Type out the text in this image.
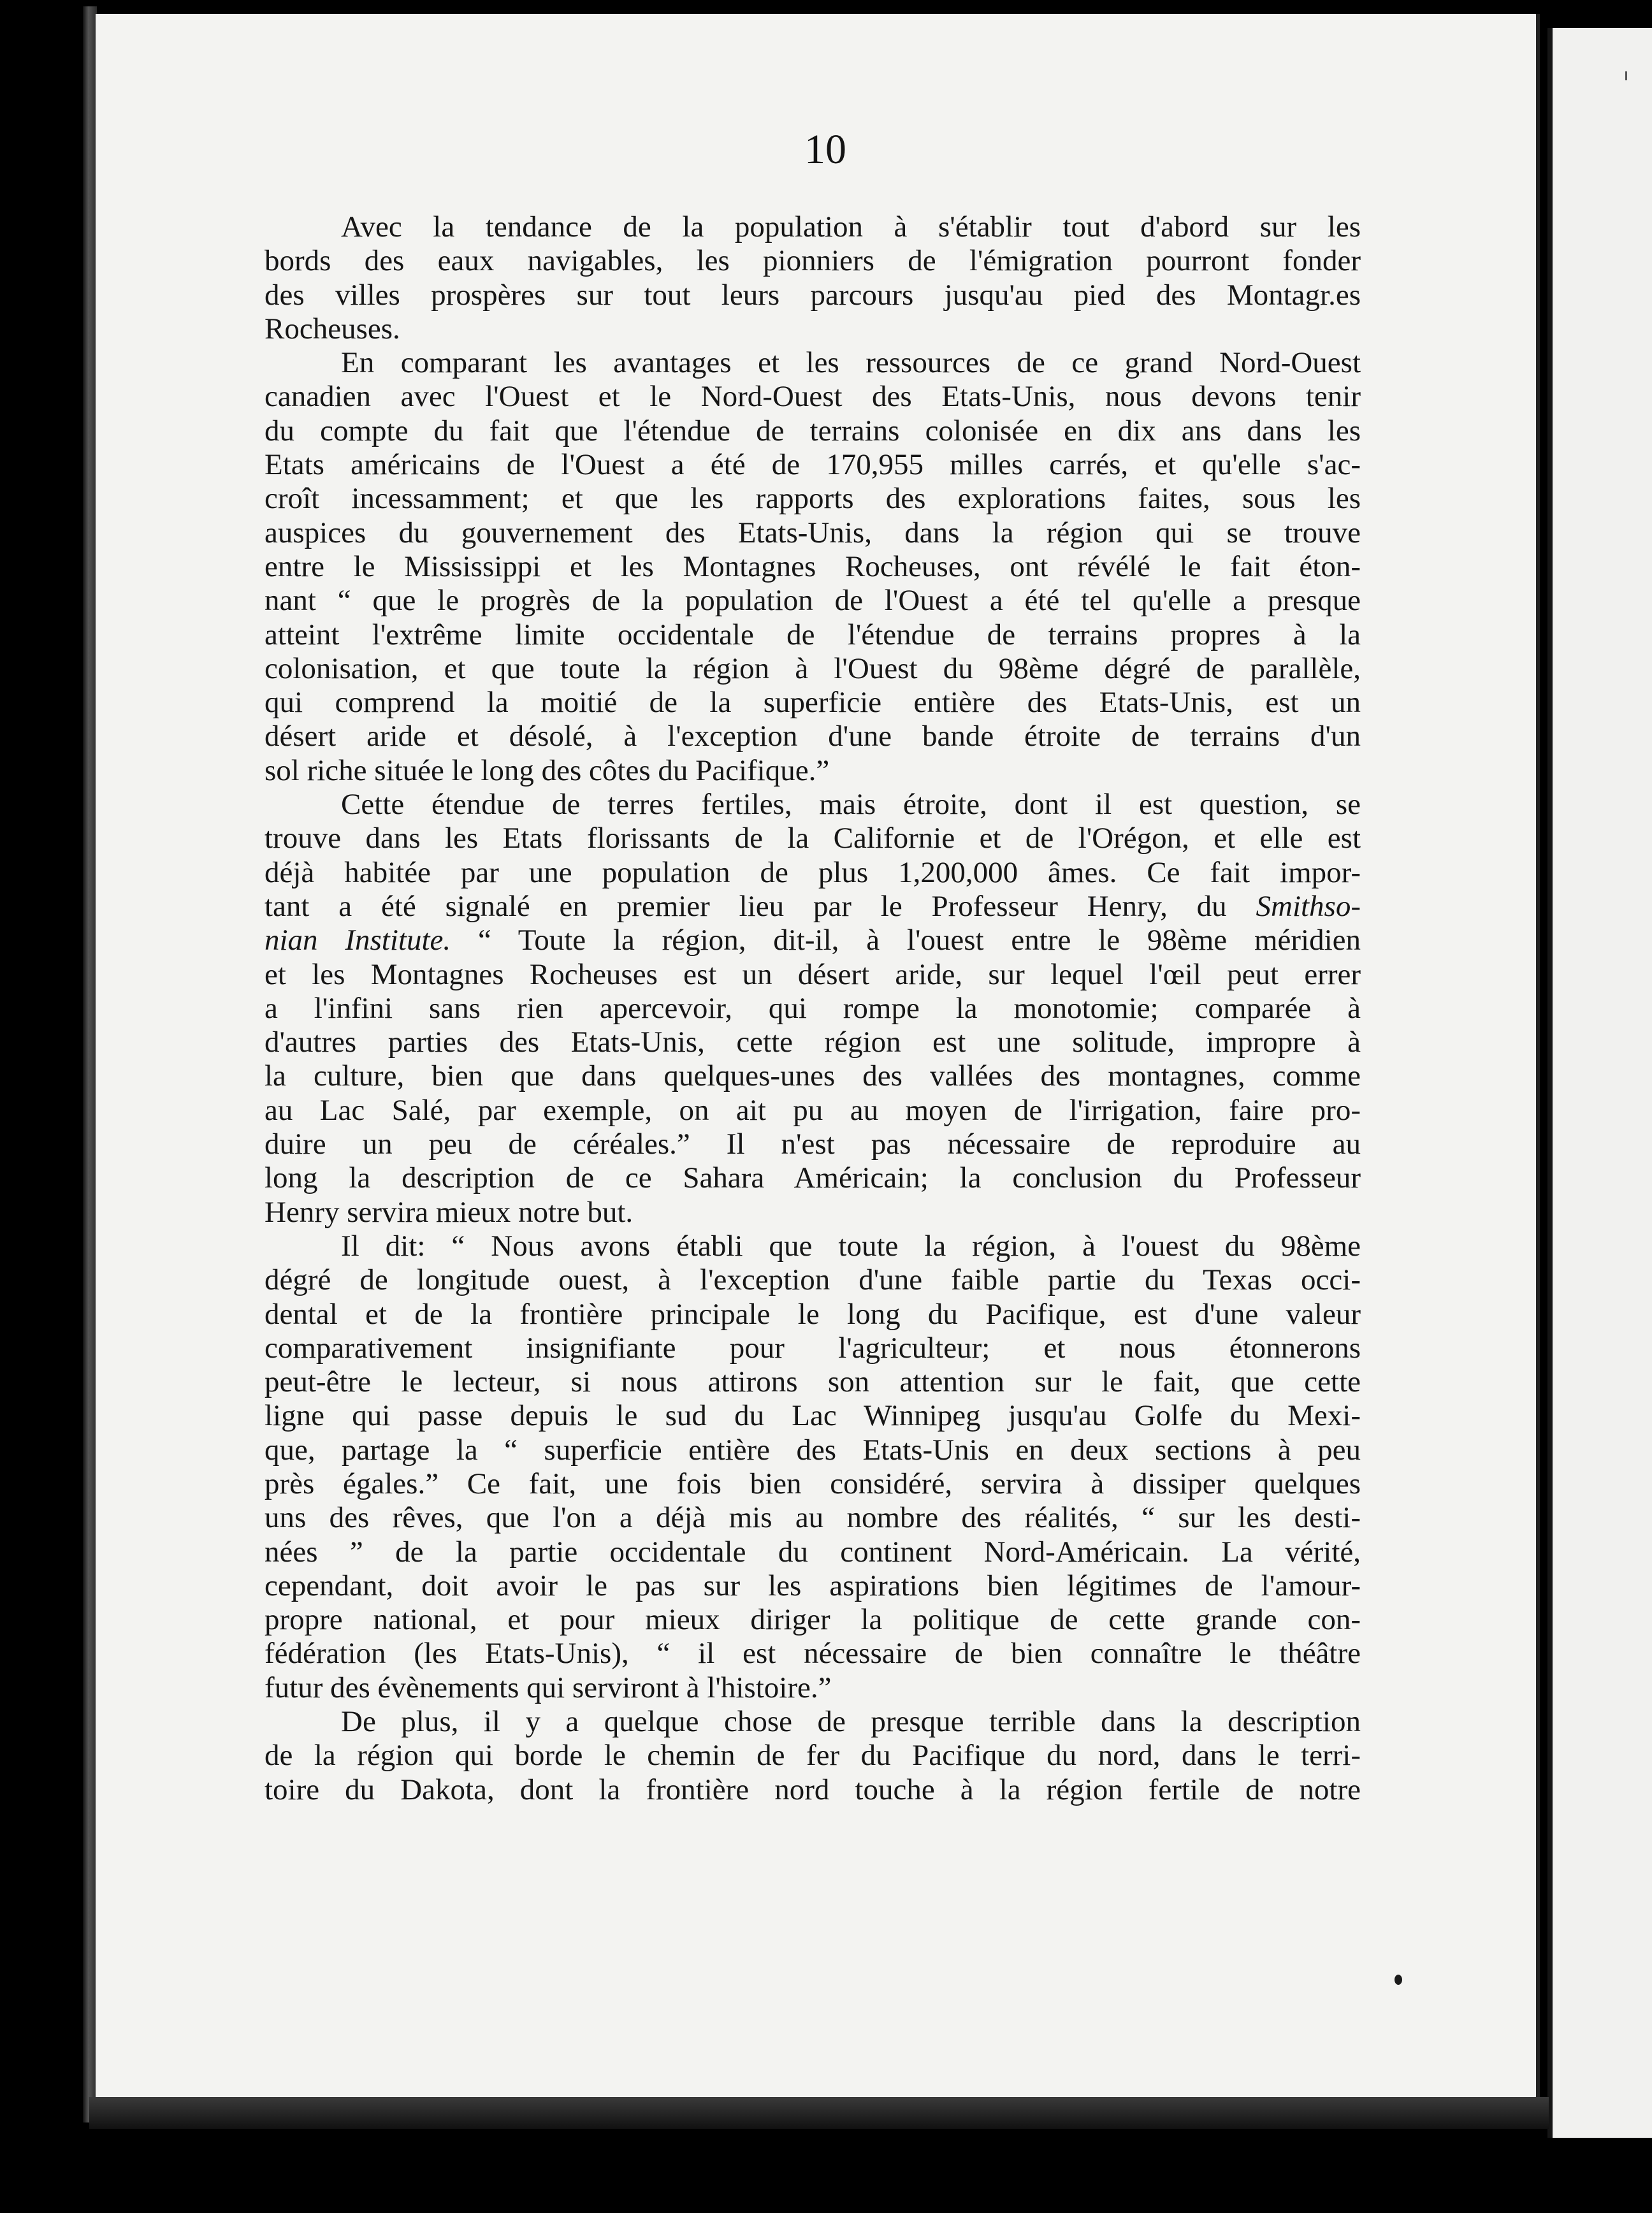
10

Avec la tendance de la population à s'établir tout d'abord sur les

bords des eaux navigables, les pionniers de l'émigration pourront fonder

des villes prospères sur tout leurs parcours jusqu'au pied des Montagr.es

Rocheuses.

En comparant les avantages et les ressources de ce grand Nord-Ouest

canadien avec l'Ouest et le Nord-Ouest des Etats-Unis, nous devons tenir

du compte du fait que l'étendue de terrains colonisée en dix ans dans les

Etats américains de l'Ouest a été de 170,955 milles carrés, et qu'elle s'ac-

croît incessamment; et que les rapports des explorations faites, sous les

auspices du gouvernement des Etats-Unis, dans la région qui se trouve

entre le Mississippi et les Montagnes Rocheuses, ont révélé le fait éton-

nant “ que le progrès de la population de l'Ouest a été tel qu'elle a presque

atteint l'extrême limite occidentale de l'étendue de terrains propres à la

colonisation, et que toute la région à l'Ouest du 98ème dégré de parallèle,

qui comprend la moitié de la superficie entière des Etats-Unis, est un

désert aride et désolé, à l'exception d'une bande étroite de terrains d'un

sol riche située le long des côtes du Pacifique.”

Cette étendue de terres fertiles, mais étroite, dont il est question, se

trouve dans les Etats florissants de la Californie et de l'Orégon, et elle est

déjà habitée par une population de plus 1,200,000 âmes. Ce fait impor-

tant a été signalé en premier lieu par le Professeur Henry, du Smithso-

nian Institute. “ Toute la région, dit-il, à l'ouest entre le 98ème méridien

et les Montagnes Rocheuses est un désert aride, sur lequel l'œil peut errer

a l'infini sans rien apercevoir, qui rompe la monotomie; comparée à

d'autres parties des Etats-Unis, cette région est une solitude, impropre à

la culture, bien que dans quelques-unes des vallées des montagnes, comme

au Lac Salé, par exemple, on ait pu au moyen de l'irrigation, faire pro-

duire un peu de céréales.” Il n'est pas nécessaire de reproduire au

long la description de ce Sahara Américain; la conclusion du Professeur

Henry servira mieux notre but.

Il dit: “ Nous avons établi que toute la région, à l'ouest du 98ème

dégré de longitude ouest, à l'exception d'une faible partie du Texas occi-

dental et de la frontière principale le long du Pacifique, est d'une valeur

comparativement insignifiante pour l'agriculteur; et nous étonnerons

peut-être le lecteur, si nous attirons son attention sur le fait, que cette

ligne qui passe depuis le sud du Lac Winnipeg jusqu'au Golfe du Mexi-

que, partage la “ superficie entière des Etats-Unis en deux sections à peu

près égales.” Ce fait, une fois bien considéré, servira à dissiper quelques

uns des rêves, que l'on a déjà mis au nombre des réalités, “ sur les desti-

nées ” de la partie occidentale du continent Nord-Américain. La vérité,

cependant, doit avoir le pas sur les aspirations bien légitimes de l'amour-

propre national, et pour mieux diriger la politique de cette grande con-

fédération (les Etats-Unis), “ il est nécessaire de bien connaître le théâtre

futur des évènements qui serviront à l'histoire.”

De plus, il y a quelque chose de presque terrible dans la description

de la région qui borde le chemin de fer du Pacifique du nord, dans le terri-

toire du Dakota, dont la frontière nord touche à la région fertile de notre
